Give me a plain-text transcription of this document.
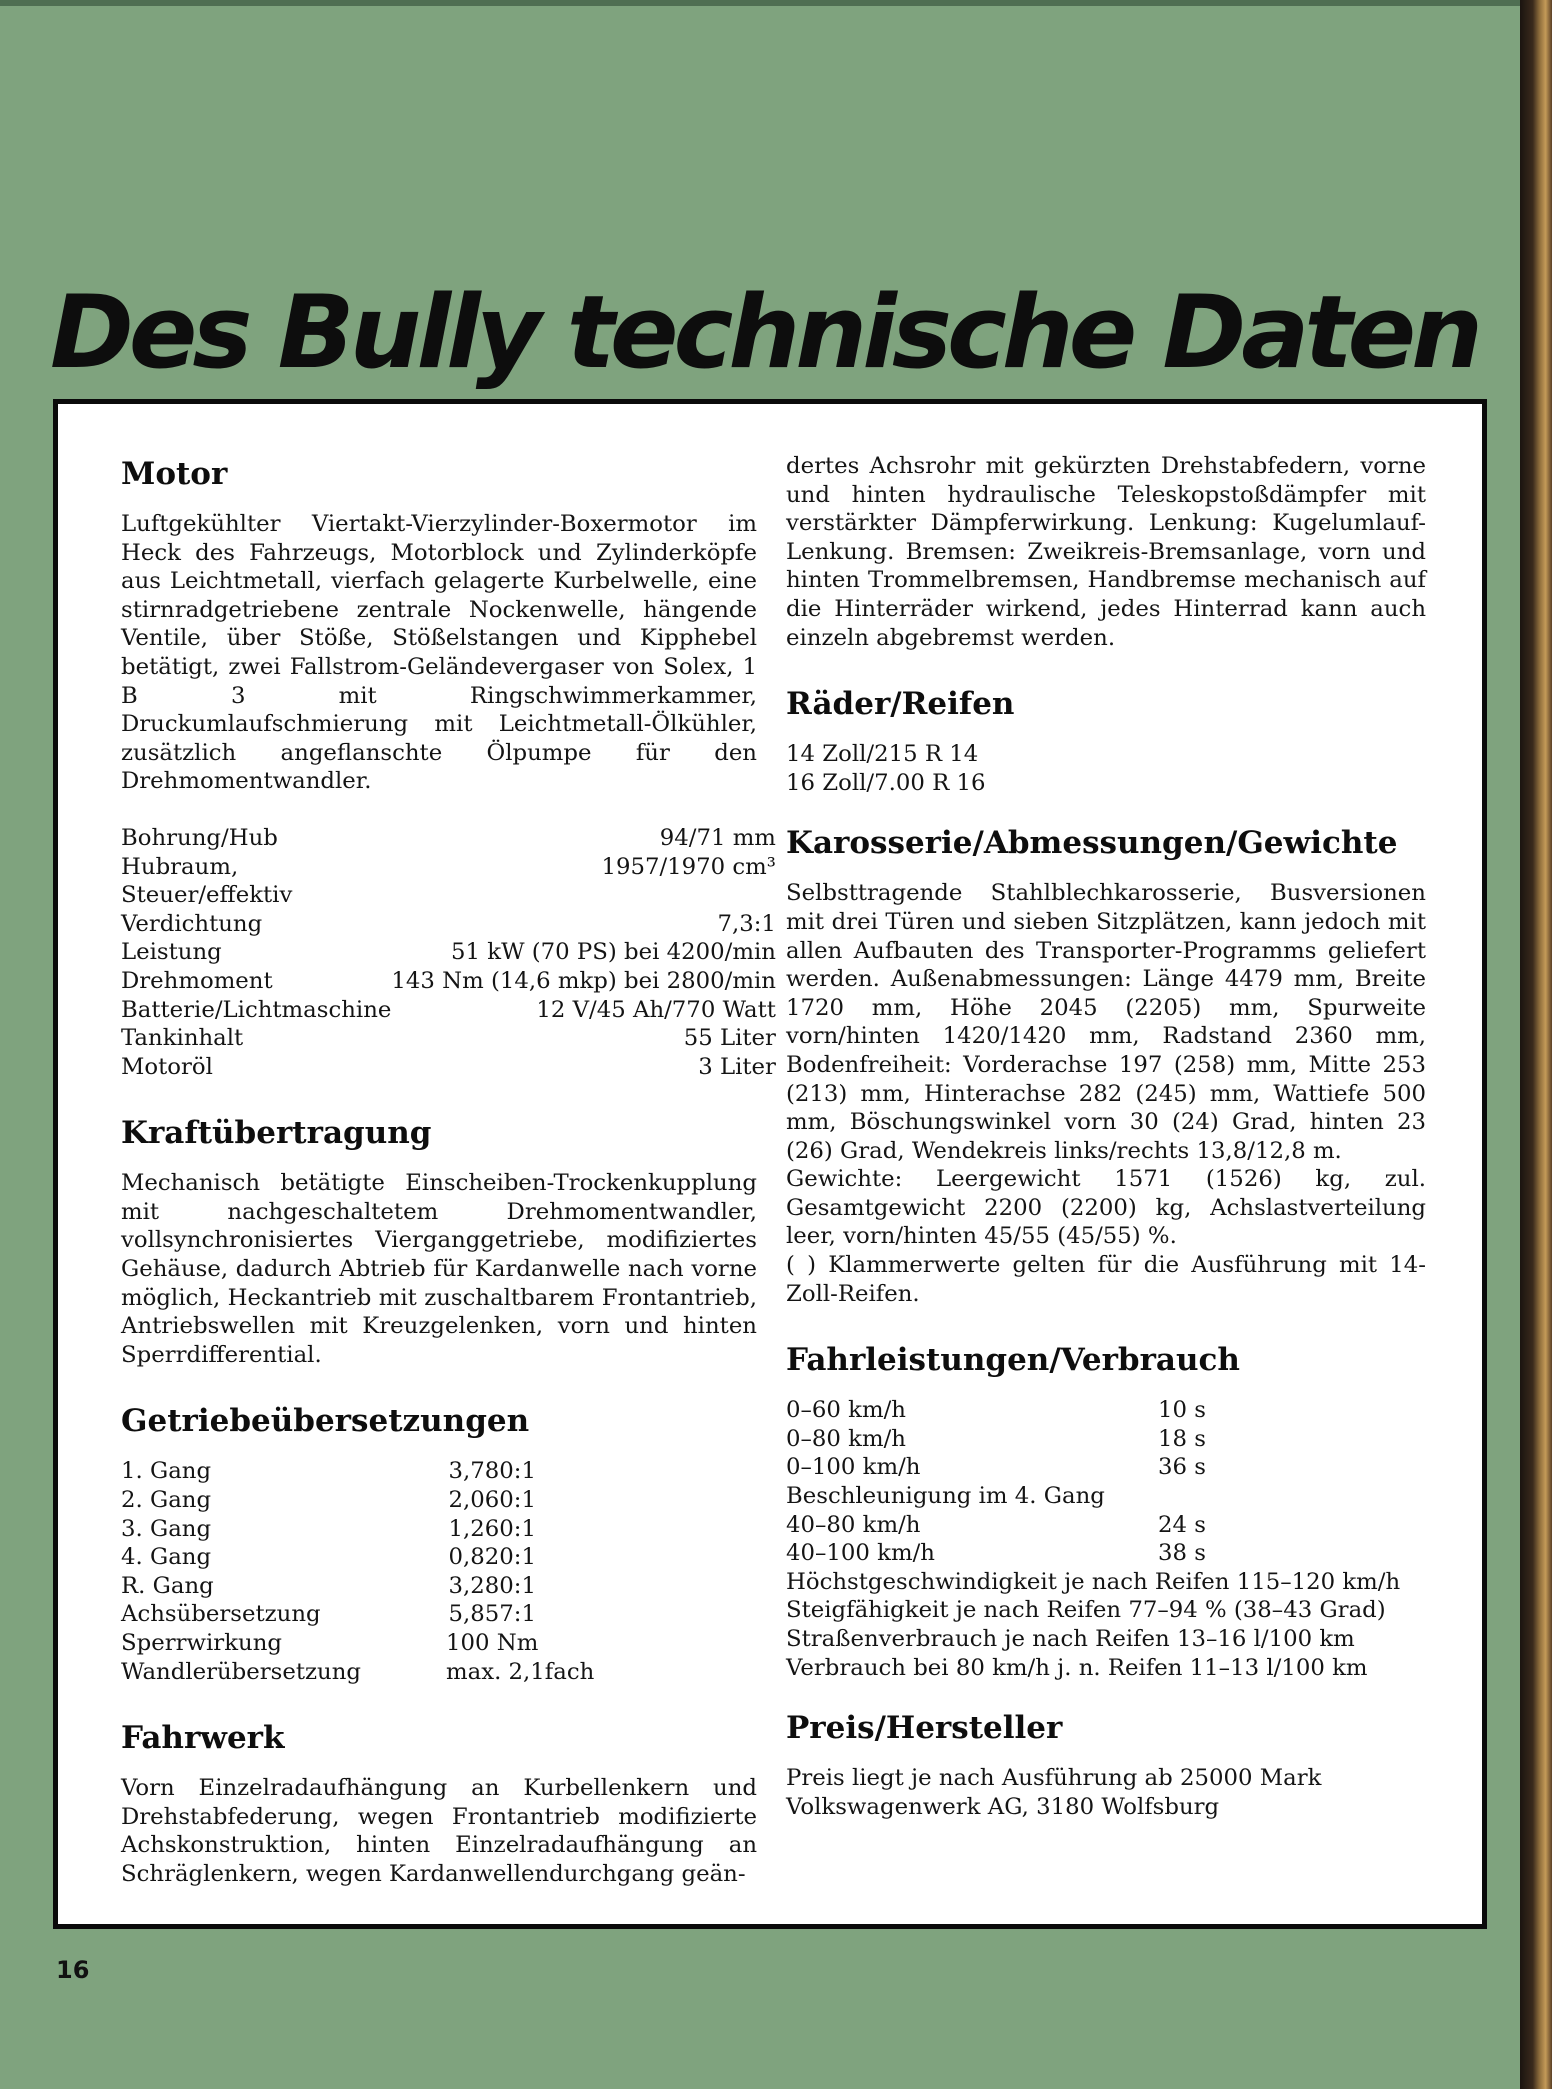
Des Bully technische Daten
Motor

Luftgekühlter Viertakt-Vierzylinder-Boxermotor im Heck des Fahrzeugs, Motorblock und Zylinderköpfe aus Leichtmetall, vierfach gelagerte Kurbelwelle, eine stirnradgetriebene zentrale Nockenwelle, hängende Ventile, über Stöße, Stößelstangen und Kipphebel betätigt, zwei Fallstrom-Geländevergaser von Solex, 1 B 3 mit Ringschwimmerkammer, Druckumlaufschmierung mit Leichtmetall-Ölkühler, zusätzlich angeflanschte Ölpumpe für den Drehmomentwandler.

Bohrung/Hub	94/71 mm
Hubraum, Steuer/effektiv	1957/1970 cm³
Verdichtung	7,3:1
Leistung	51 kW (70 PS) bei 4200/min
Drehmoment	143 Nm (14,6 mkp) bei 2800/min
Batterie/Lichtmaschine	12 V/45 Ah/770 Watt
Tankinhalt	55 Liter
Motoröl	3 Liter
Kraftübertragung

Mechanisch betätigte Einscheiben-Trockenkupplung mit nachgeschaltetem Drehmomentwandler, vollsynchronisiertes Vierganggetriebe, modifiziertes Gehäuse, dadurch Abtrieb für Kardanwelle nach vorne möglich, Heckantrieb mit zuschaltbarem Frontantrieb, Antriebswellen mit Kreuzgelenken, vorn und hinten Sperrdifferential.

Getriebeübersetzungen
1. Gang	3,780:1
2. Gang	2,060:1
3. Gang	1,260:1
4. Gang	0,820:1
R. Gang	3,280:1
Achsübersetzung	5,857:1
Sperrwirkung	100 Nm
Wandlerübersetzung	max. 2,1fach
Fahrwerk

Vorn Einzelradaufhängung an Kurbellenkern und Drehstabfederung, wegen Frontantrieb modifizierte Achskonstruktion, hinten Einzelradaufhängung an Schräglenkern, wegen Kardanwellendurchgang geän-

dertes Achsrohr mit gekürzten Drehstabfedern, vorne und hinten hydraulische Teleskopstoßdämpfer mit verstärkter Dämpferwirkung. Lenkung: Kugelumlauf-Lenkung. Bremsen: Zweikreis-Bremsanlage, vorn und hinten Trommelbremsen, Handbremse mechanisch auf die Hinterräder wirkend, jedes Hinterrad kann auch einzeln abgebremst werden.

Räder/Reifen
14 Zoll/215 R 14
16 Zoll/7.00 R 16
Karosserie/Abmessungen/Gewichte

Selbsttragende Stahlblechkarosserie, Busversionen mit drei Türen und sieben Sitzplätzen, kann jedoch mit allen Aufbauten des Transporter-Programms geliefert werden. Außenabmessungen: Länge 4479 mm, Breite 1720 mm, Höhe 2045 (2205) mm, Spurweite vorn/hinten 1420/1420 mm, Radstand 2360 mm, Bodenfreiheit: Vorderachse 197 (258) mm, Mitte 253 (213) mm, Hinterachse 282 (245) mm, Wattiefe 500 mm, Böschungswinkel vorn 30 (24) Grad, hinten 23 (26) Grad, Wendekreis links/rechts 13,8/12,8 m.

Gewichte: Leergewicht 1571 (1526) kg, zul. Gesamtgewicht 2200 (2200) kg, Achslastverteilung leer, vorn/hinten 45/55 (45/55) %.

( ) Klammerwerte gelten für die Ausführung mit 14-Zoll-Reifen.

Fahrleistungen/Verbrauch
0–60 km/h	10 s
0–80 km/h	18 s
0–100 km/h	36 s
Beschleunigung im 4. Gang
40–80 km/h	24 s
40–100 km/h	38 s
Höchstgeschwindigkeit je nach Reifen 115–120 km/h
Steigfähigkeit je nach Reifen 77–94 % (38–43 Grad)
Straßenverbrauch je nach Reifen 13–16 l/100 km
Verbrauch bei 80 km/h j. n. Reifen 11–13 l/100 km
Preis/Hersteller
Preis liegt je nach Ausführung ab 25000 Mark
Volkswagenwerk AG, 3180 Wolfsburg
16
